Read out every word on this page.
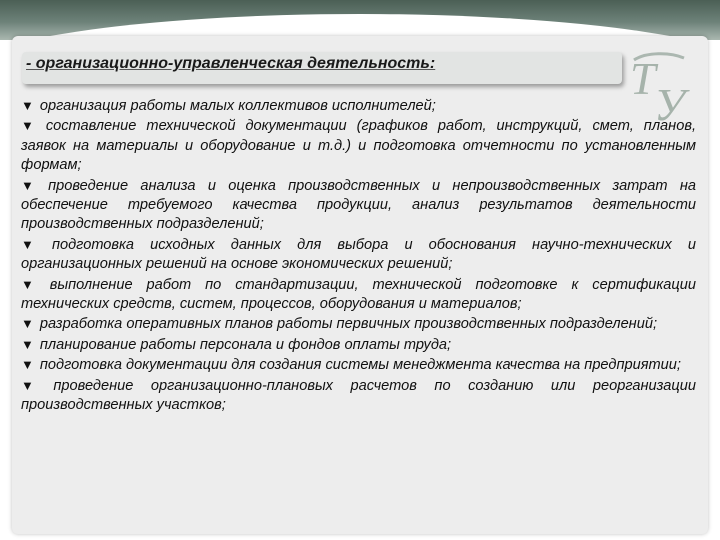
- организационно-управленческая деятельность:	Т
У

▼ организация работы малых коллективов исполнителей;

▼ составление технической документации (графиков работ, инструкций, смет, планов, заявок на материалы и оборудование и т.д.) и подготовка отчетности по установленным формам;

▼ проведение анализа и оценка производственных и непроизводственных затрат на обеспечение требуемого качества продукции, анализ результатов деятельности производственных подразделений;

▼ подготовка исходных данных для выбора и обоснования научно-технических и организационных решений на основе экономических решений;

▼ выполнение работ по стандартизации, технической подготовке к сертификации технических средств, систем, процессов, оборудования и материалов;

▼ разработка оперативных планов работы первичных производственных подразделений;

▼ планирование работы персонала и фондов оплаты труда;

▼ подготовка документации для создания системы менеджмента качества на предприятии;

▼ проведение организационно-плановых расчетов по созданию или реорганизации производственных участков;
